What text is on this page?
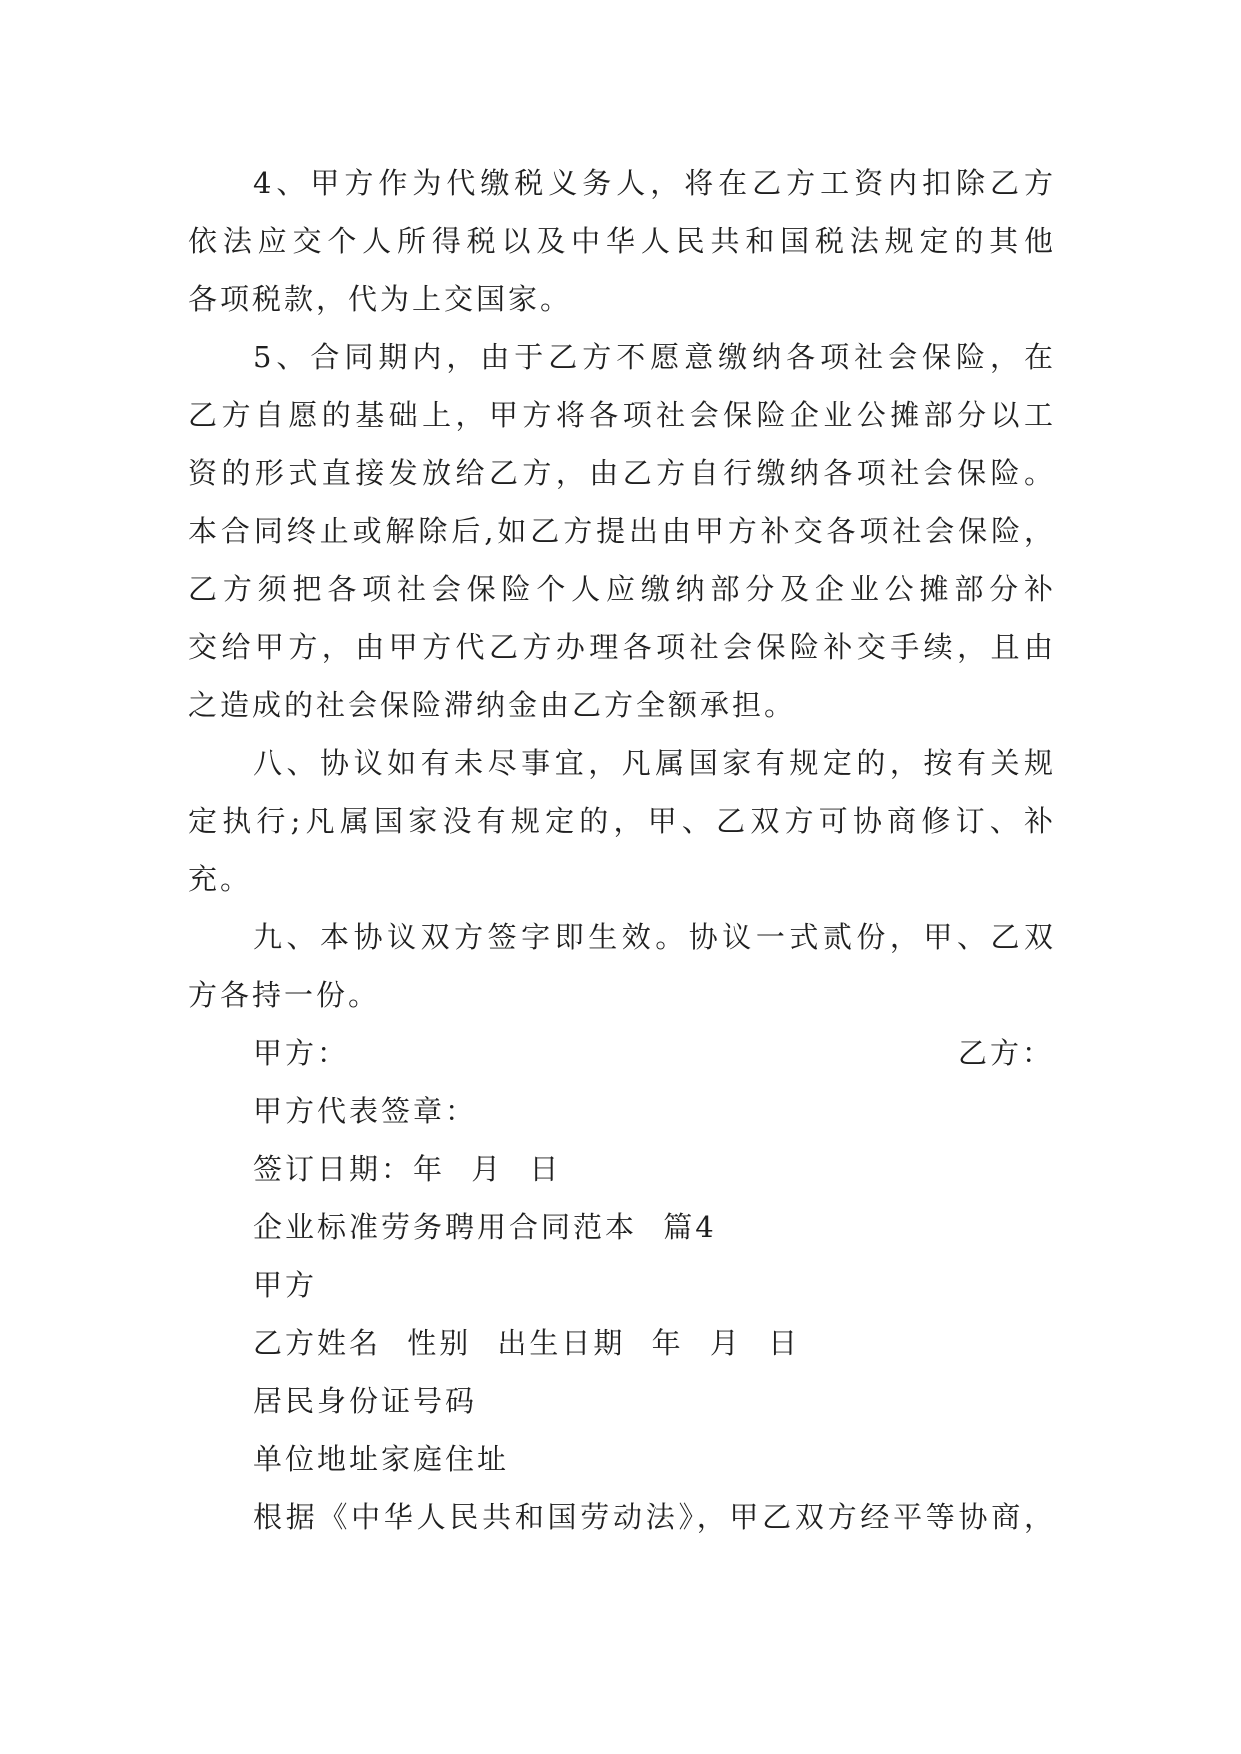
4、甲方作为代缴税义务人，将在乙方工资内扣除乙方
依法应交个人所得税以及中华人民共和国税法规定的其他
各项税款，代为上交国家。
5、合同期内，由于乙方不愿意缴纳各项社会保险，在
乙方自愿的基础上，甲方将各项社会保险企业公摊部分以工
资的形式直接发放给乙方，由乙方自行缴纳各项社会保险。
本合同终止或解除后,如乙方提出由甲方补交各项社会保险，
乙方须把各项社会保险个人应缴纳部分及企业公摊部分补
交给甲方，由甲方代乙方办理各项社会保险补交手续，且由
之造成的社会保险滞纳金由乙方全额承担。
八、协议如有未尽事宜，凡属国家有规定的，按有关规
定执行;凡属国家没有规定的，甲、乙双方可协商修订、补
充。
九、本协议双方签字即生效。协议一式贰份，甲、乙双
方各持一份。
甲方：	乙方：
甲方代表签章：
签订日期：年 月 日
企业标准劳务聘用合同范本 篇4
甲方
乙方姓名 性别 出生日期 年 月 日
居民身份证号码
单位地址家庭住址
根据《中华人民共和国劳动法》，甲乙双方经平等协商，
